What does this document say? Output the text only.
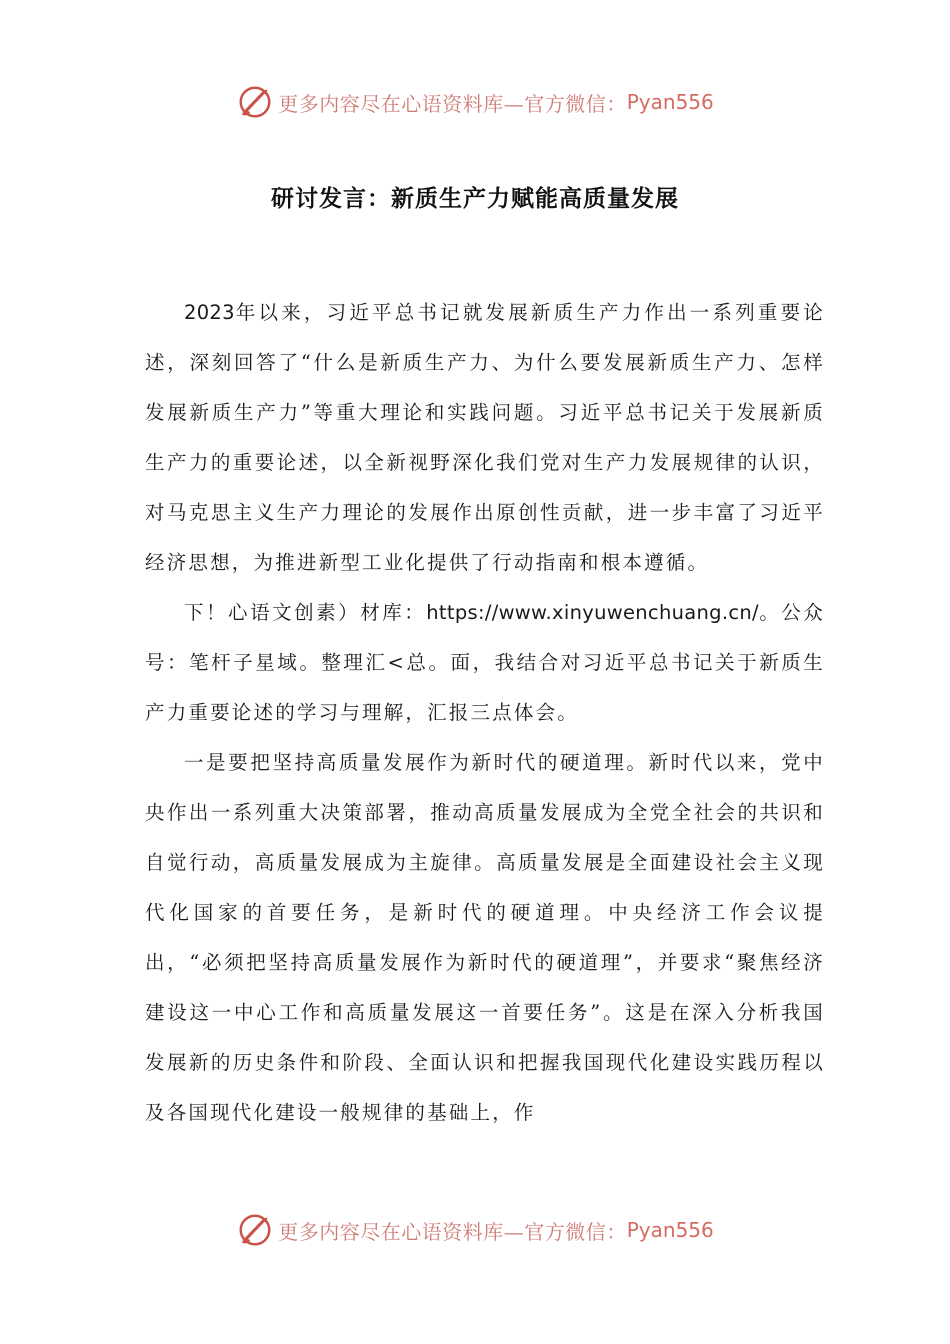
更多内容尽在心语资料库—官方微信： Pyan556
研讨发言：新质生产力赋能高质量发展

2023年以来，习近平总书记就发展新质生产力作出一系列重要论述，深刻回答了“什么是新质生产力、为什么要发展新质生产力、怎样发展新质生产力”等重大理论和实践问题。习近平总书记关于发展新质生产力的重要论述，以全新视野深化我们党对生产力发展规律的认识，对马克思主义生产力理论的发展作出原创性贡献，进一步丰富了习近平经济思想，为推进新型工业化提供了行动指南和根本遵循。

下！心语文创素）材库：https://www.xinyuwenchuang.cn/。公众号：笔杆子星域。整理汇<总。面，我结合对习近平总书记关于新质生产力重要论述的学习与理解，汇报三点体会。

一是要把坚持高质量发展作为新时代的硬道理。新时代以来，党中央作出一系列重大决策部署，推动高质量发展成为全党全社会的共识和自觉行动，高质量发展成为主旋律。高质量发展是全面建设社会主义现代化国家的首要任务，是新时代的硬道理。中央经济工作会议提出，“必须把坚持高质量发展作为新时代的硬道理”，并要求“聚焦经济建设这一中心工作和高质量发展这一首要任务”。这是在深入分析我国发展新的历史条件和阶段、全面认识和把握我国现代化建设实践历程以及各国现代化建设一般规律的基础上，作

更多内容尽在心语资料库—官方微信： Pyan556
